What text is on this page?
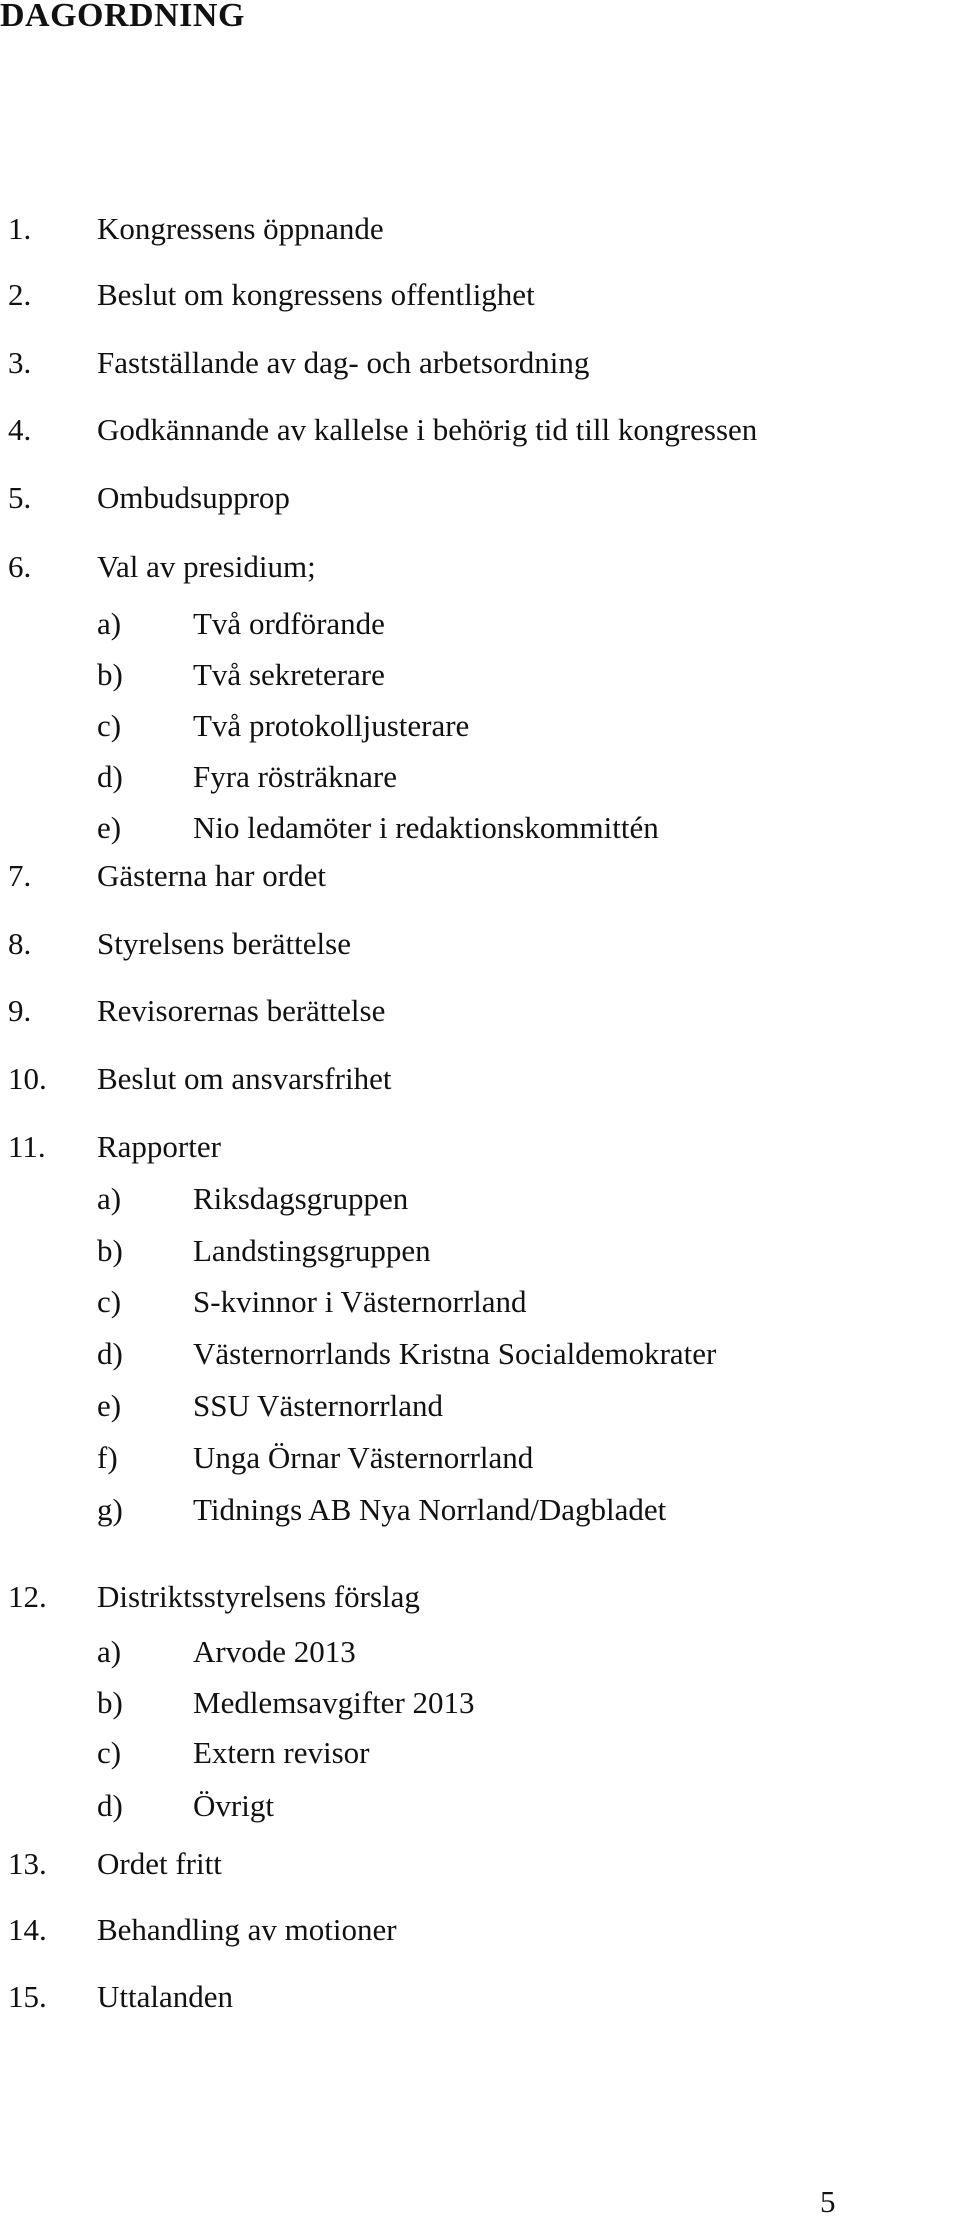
DAGORDNING
1. Kongressens öppnande
2. Beslut om kongressens offentlighet
3. Fastställande av dag- och arbetsordning
4. Godkännande av kallelse i behörig tid till kongressen
5. Ombudsupprop
6. Val av presidium;
a) Två ordförande
b) Två sekreterare
c) Två protokolljusterare
d) Fyra rösträknare
e) Nio ledamöter i redaktionskommittén
7. Gästerna har ordet
8. Styrelsens berättelse
9. Revisorernas berättelse
10. Beslut om ansvarsfrihet
11. Rapporter
a) Riksdagsgruppen
b) Landstingsgruppen
c) S-kvinnor i Västernorrland
d) Västernorrlands Kristna Socialdemokrater
e) SSU Västernorrland
f) Unga Örnar Västernorrland
g) Tidnings AB Nya Norrland/Dagbladet
12. Distriktsstyrelsens förslag
a) Arvode 2013
b) Medlemsavgifter 2013
c) Extern revisor
d) Övrigt
13. Ordet fritt
14. Behandling av motioner
15. Uttalanden
5
